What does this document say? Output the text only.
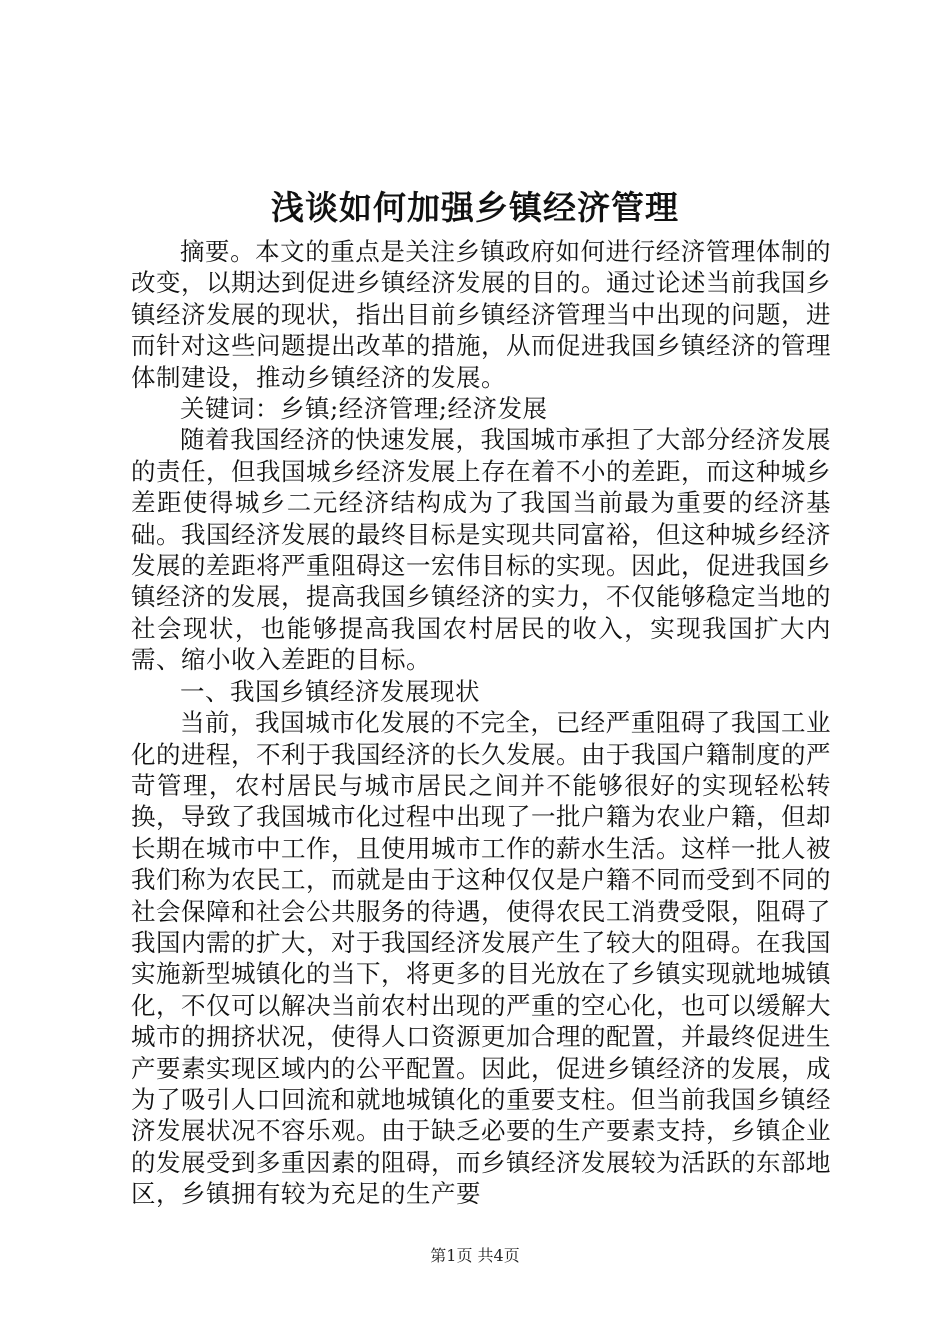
浅谈如何加强乡镇经济管理

摘要。本文的重点是关注乡镇政府如何进行经济管理体制的改变，以期达到促进乡镇经济发展的目的。通过论述当前我国乡镇经济发展的现状，指出目前乡镇经济管理当中出现的问题，进而针对这些问题提出改革的措施，从而促进我国乡镇经济的管理体制建设，推动乡镇经济的发展。

关键词：乡镇;经济管理;经济发展

随着我国经济的快速发展，我国城市承担了大部分经济发展的责任，但我国城乡经济发展上存在着不小的差距，而这种城乡差距使得城乡二元经济结构成为了我国当前最为重要的经济基础。我国经济发展的最终目标是实现共同富裕，但这种城乡经济发展的差距将严重阻碍这一宏伟目标的实现。因此，促进我国乡镇经济的发展，提高我国乡镇经济的实力，不仅能够稳定当地的社会现状，也能够提高我国农村居民的收入，实现我国扩大内需、缩小收入差距的目标。

一、我国乡镇经济发展现状

当前，我国城市化发展的不完全，已经严重阻碍了我国工业化的进程，不利于我国经济的长久发展。由于我国户籍制度的严苛管理，农村居民与城市居民之间并不能够很好的实现轻松转换，导致了我国城市化过程中出现了一批户籍为农业户籍，但却长期在城市中工作，且使用城市工作的薪水生活。这样一批人被我们称为农民工，而就是由于这种仅仅是户籍不同而受到不同的社会保障和社会公共服务的待遇，使得农民工消费受限，阻碍了我国内需的扩大，对于我国经济发展产生了较大的阻碍。在我国实施新型城镇化的当下，将更多的目光放在了乡镇实现就地城镇化，不仅可以解决当前农村出现的严重的空心化，也可以缓解大城市的拥挤状况，使得人口资源更加合理的配置，并最终促进生产要素实现区域内的公平配置。因此，促进乡镇经济的发展，成为了吸引人口回流和就地城镇化的重要支柱。但当前我国乡镇经济发展状况不容乐观。由于缺乏必要的生产要素支持，乡镇企业的发展受到多重因素的阻碍，而乡镇经济发展较为活跃的东部地区，乡镇拥有较为充足的生产要

第1页 共4页
